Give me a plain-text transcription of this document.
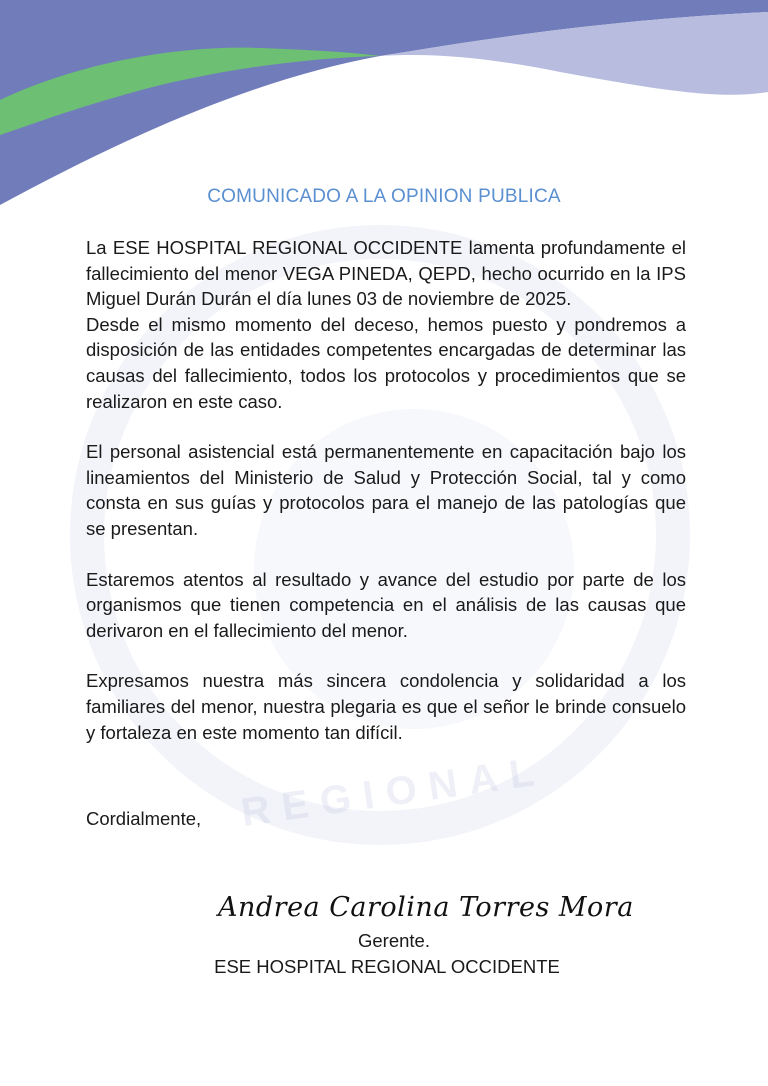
REGIONAL
COMUNICADO A LA OPINION PUBLICA

La ESE HOSPITAL REGIONAL OCCIDENTE lamenta profundamente el fallecimiento del menor VEGA PINEDA, QEPD, hecho ocurrido en la IPS Miguel Durán Durán el día lunes 03 de noviembre de 2025.

Desde el mismo momento del deceso, hemos puesto y pondremos a disposición de las entidades competentes encargadas de determinar las causas del fallecimiento, todos los protocolos y procedimientos que se realizaron en este caso.

El personal asistencial está permanentemente en capacitación bajo los lineamientos del Ministerio de Salud y Protección Social, tal y como consta en sus guías y protocolos para el manejo de las patologías que se presentan.

Estaremos atentos al resultado y avance del estudio por parte de los organismos que tienen competencia en el análisis de las causas que derivaron en el fallecimiento del menor.

Expresamos nuestra más sincera condolencia y solidaridad a los familiares del menor, nuestra plegaria es que el señor le brinde consuelo y fortaleza en este momento tan difícil.

Cordialmente,
Andrea Carolina Torres Mora
Gerente.
ESE HOSPITAL REGIONAL OCCIDENTE
